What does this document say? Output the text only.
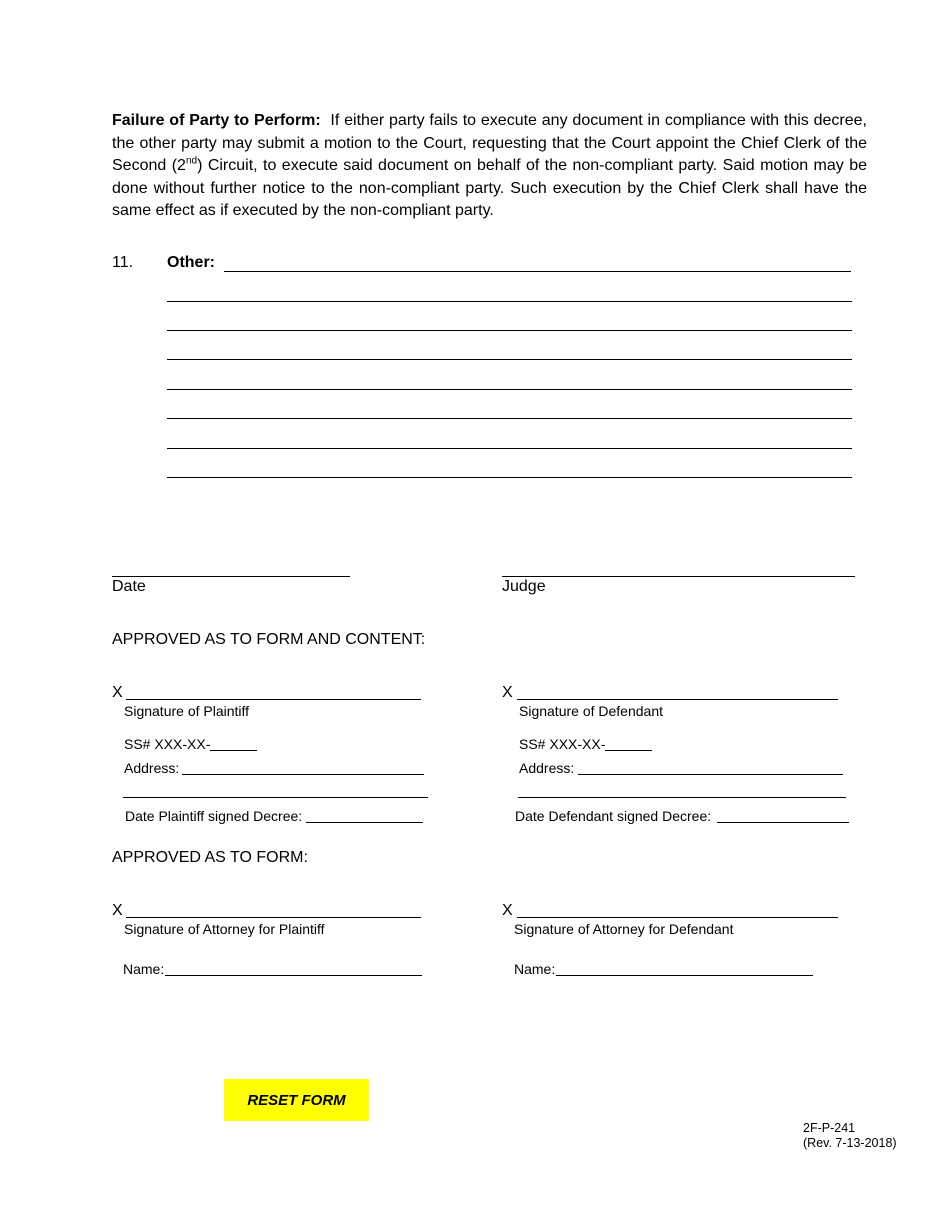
Failure of Party to Perform: If either party fails to execute any document in compliance with this decree, the other party may submit a motion to the Court, requesting that the Court appoint the Chief Clerk of the Second (2nd) Circuit, to execute said document on behalf of the non-compliant party. Said motion may be done without further notice to the non-compliant party. Such execution by the Chief Clerk shall have the same effect as if executed by the non-compliant party.
11. Other:
Date	Judge
APPROVED AS TO FORM AND CONTENT:
X
Signature of Plaintiff
SS# XXX-XX-
Address:
Date Plaintiff signed Decree:
X
Signature of Defendant
SS# XXX-XX-
Address:
Date Defendant signed Decree:
APPROVED AS TO FORM:
X
Signature of Attorney for Plaintiff
Name:
X
Signature of Attorney for Defendant
Name:
RESET FORM
2F-P-241
(Rev. 7-13-2018)
